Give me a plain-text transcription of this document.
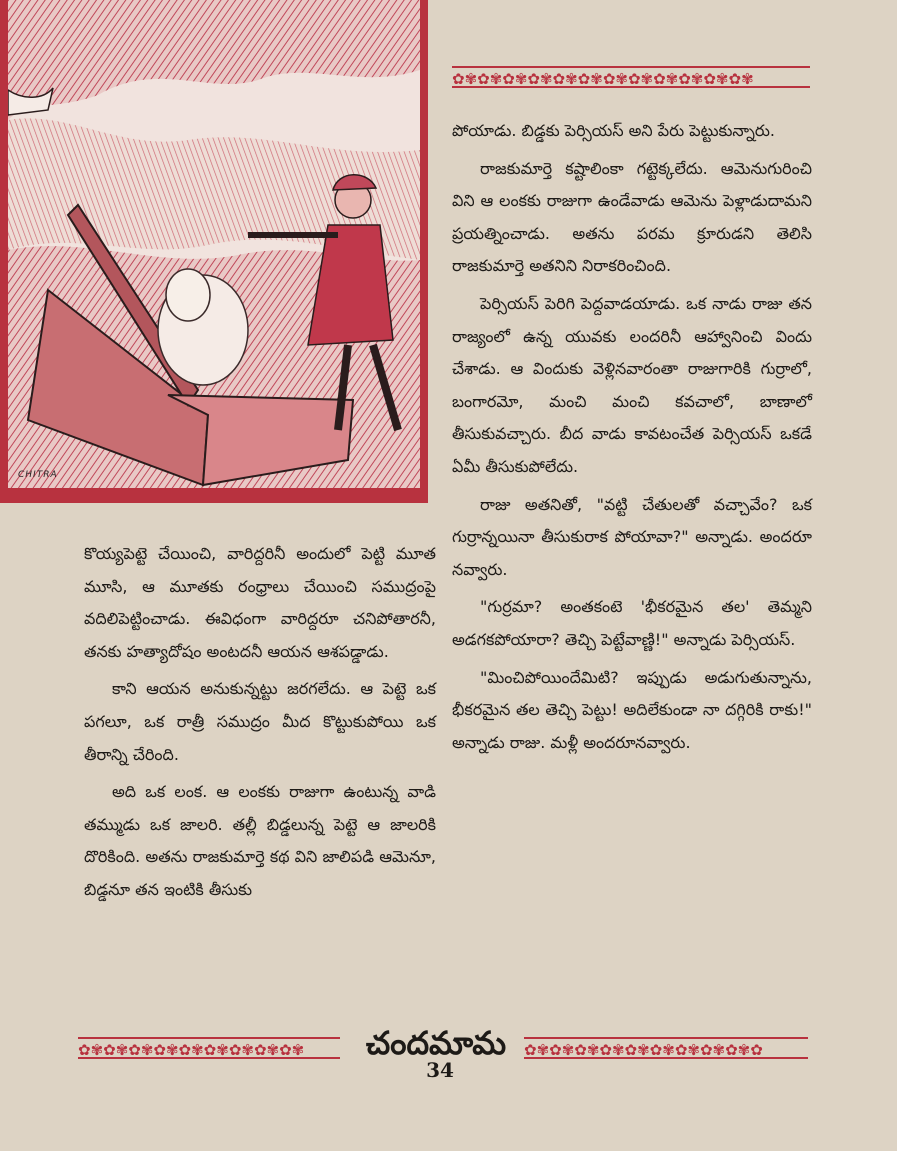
CHITRA
✿✾✿✾✿✾✿✾✿✾✿✾✿✾✿✾✿✾✿✾✿✾✿✾

పోయాడు. బిడ్డకు పెర్సియస్ అని పేరు పెట్టుకున్నారు.

రాజకుమార్తె కష్టాలింకా గట్టెక్కలేదు. ఆమెనుగురించి విని ఆ లంకకు రాజుగా ఉండేవాడు ఆమెను పెళ్లాడుదామని ప్రయత్నించాడు. అతను పరమ క్రూరుడని తెలిసి రాజకుమార్తె అతనిని నిరాకరించింది.

పెర్సియస్ పెరిగి పెద్దవాడయాడు. ఒక నాడు రాజు తన రాజ్యంలో ఉన్న యువకు లందరినీ ఆహ్వానించి విందు చేశాడు. ఆ విందుకు వెళ్లినవారంతా రాజుగారికి గుర్రాలో, బంగారమో, మంచి మంచి కవచాలో, బాణాలో తీసుకువచ్చారు. బీద వాడు కావటంచేత పెర్సియస్ ఒకడే ఏమీ తీసుకుపోలేదు.

రాజు అతనితో, "వట్టి చేతులతో వచ్చావేం? ఒక గుర్రాన్నయినా తీసుకురాక పోయావా?" అన్నాడు. అందరూ నవ్వారు.

"గుర్రమా? అంతకంటె 'భీకరమైన తల' తెమ్మని అడగకపోయారా? తెచ్చి పెట్టేవాణ్ణి!" అన్నాడు పెర్సియస్.

"మించిపోయిందేమిటి? ఇప్పుడు అడుగుతున్నాను, భీకరమైన తల తెచ్చి పెట్టు! అదిలేకుండా నా దగ్గిరికి రాకు!" అన్నాడు రాజు. మళ్లీ అందరూనవ్వారు.

కొయ్యపెట్టె చేయించి, వారిద్దరినీ అందులో పెట్టి మూత మూసి, ఆ మూతకు రంధ్రాలు చేయించి సముద్రంపై వదిలిపెట్టించాడు. ఈవిధంగా వారిద్దరూ చనిపోతారనీ, తనకు హత్యాదోషం అంటదనీ ఆయన ఆశపడ్డాడు.

కాని ఆయన అనుకున్నట్టు జరగలేదు. ఆ పెట్టె ఒక పగలూ, ఒక రాత్రీ సముద్రం మీద కొట్టుకుపోయి ఒక తీరాన్ని చేరింది.

అది ఒక లంక. ఆ లంకకు రాజుగా ఉంటున్న వాడి తమ్ముడు ఒక జాలరి. తల్లీ బిడ్డలున్న పెట్టె ఆ జాలరికి దొరికింది. అతను రాజకుమార్తె కథ విని జాలిపడి ఆమెనూ, బిడ్డనూ తన ఇంటికి తీసుకు

✿✾✿✾✿✾✿✾✿✾✿✾✿✾✿✾✿✾	చందమామ	✿✾✿✾✿✾✿✾✿✾✿✾✿✾✿✾✿✾✿
34
